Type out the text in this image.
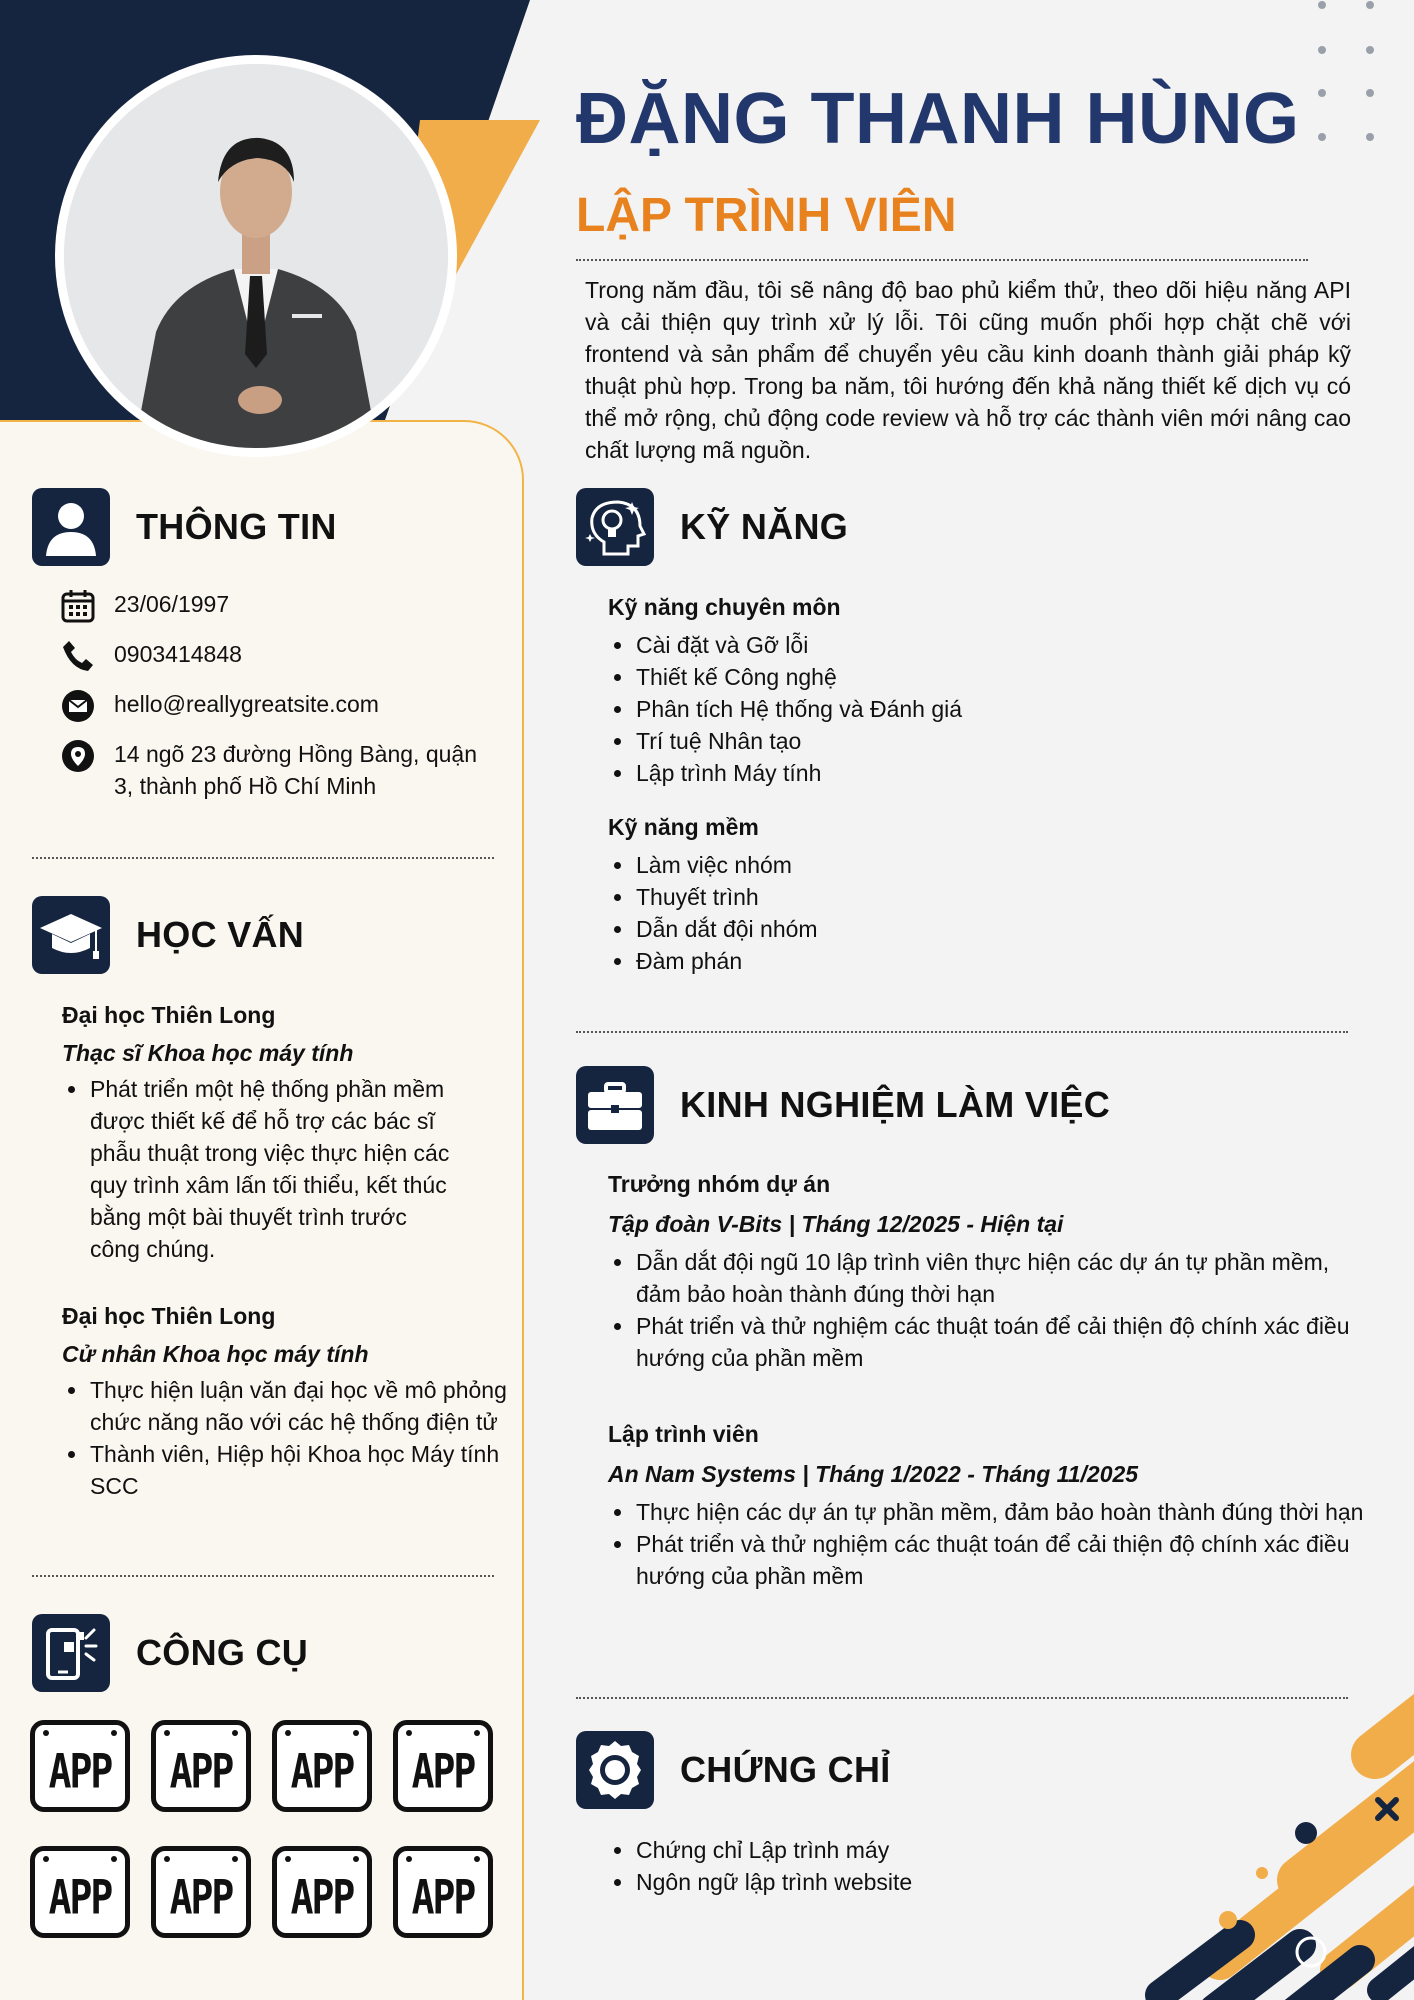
THÔNG TIN
23/06/1997
0903414848
hello@reallygreatsite.com
14 ngõ 23 đường Hồng Bàng, quận 3, thành phố Hồ Chí Minh
HỌC VẤN
Đại học Thiên Long
Thạc sĩ Khoa học máy tính
Phát triển một hệ thống phần mềm được thiết kế để hỗ trợ các bác sĩ phẫu thuật trong việc thực hiện các quy trình xâm lấn tối thiểu, kết thúc bằng một bài thuyết trình trước công chúng.
Đại học Thiên Long
Cử nhân Khoa học máy tính
Thực hiện luận văn đại học về mô phỏng chức năng não với các hệ thống điện tử
Thành viên, Hiệp hội Khoa học Máy tính SCC
CÔNG CỤ
APP APP APP APP
APP APP APP APP
ĐẶNG THANH HÙNG
LẬP TRÌNH VIÊN
Trong năm đầu, tôi sẽ nâng độ bao phủ kiểm thử, theo dõi hiệu năng API và cải thiện quy trình xử lý lỗi. Tôi cũng muốn phối hợp chặt chẽ với frontend và sản phẩm để chuyển yêu cầu kinh doanh thành giải pháp kỹ thuật phù hợp. Trong ba năm, tôi hướng đến khả năng thiết kế dịch vụ có thể mở rộng, chủ động code review và hỗ trợ các thành viên mới nâng cao chất lượng mã nguồn.
KỸ NĂNG
Kỹ năng chuyên môn
Cài đặt và Gỡ lỗi
Thiết kế Công nghệ
Phân tích Hệ thống và Đánh giá
Trí tuệ Nhân tạo
Lập trình Máy tính
Kỹ năng mềm
Làm việc nhóm
Thuyết trình
Dẫn dắt đội nhóm
Đàm phán
KINH NGHIỆM LÀM VIỆC
Trưởng nhóm dự án
Tập đoàn V-Bits | Tháng 12/2025 - Hiện tại
Dẫn dắt đội ngũ 10 lập trình viên thực hiện các dự án tự phần mềm, đảm bảo hoàn thành đúng thời hạn
Phát triển và thử nghiệm các thuật toán để cải thiện độ chính xác điều hướng của phần mềm
Lập trình viên
An Nam Systems | Tháng 1/2022 - Tháng 11/2025
Thực hiện các dự án tự phần mềm, đảm bảo hoàn thành đúng thời hạn
Phát triển và thử nghiệm các thuật toán để cải thiện độ chính xác điều hướng của phần mềm
CHỨNG CHỈ
Chứng chỉ Lập trình máy
Ngôn ngữ lập trình website
